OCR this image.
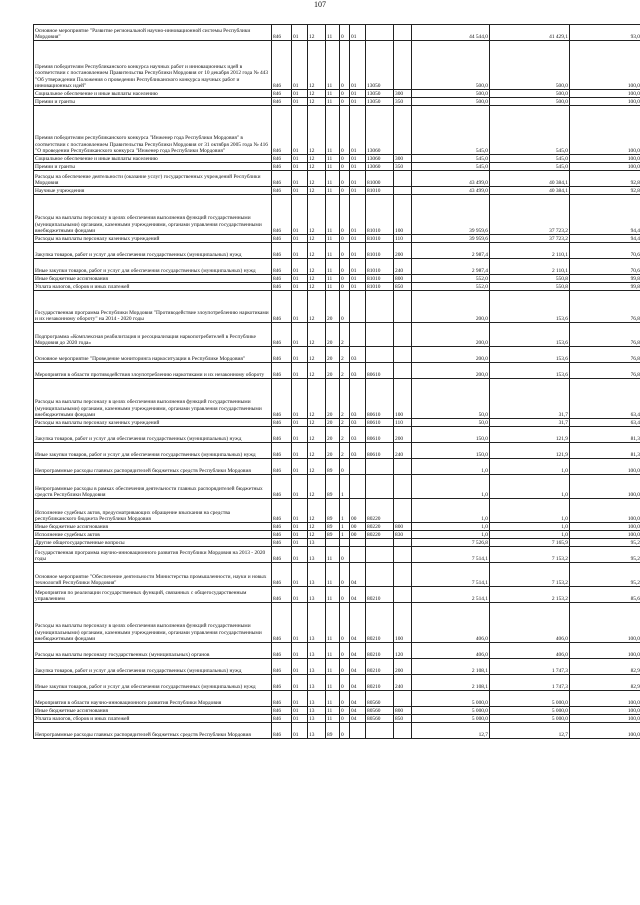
107
Основное мероприятие "Развитие региональной научно-инновационной системы Республики Мордовия"	846	01	12	11	0	01			44 544,0	41 429,1	93,0
Премия победителям Республиканского конкурса научных работ и инновационных идей в соответствии с постановлением Правительства Республики Мордовия от 10 декабря 2012 года № 443 "Об утверждении Положения о проведении Республиканского конкурса научных работ и инновационных идей"	846	01	12	11	0	01	13050		500,0	500,0	100,0
Социальное обеспечение и иные выплаты населению	846	01	12	11	0	01	13050	300	500,0	500,0	100,0
Премии и гранты	846	01	12	11	0	01	13050	350	500,0	500,0	100,0
Премия победителям республиканского конкурса "Инженер года Республики Мордовия" в соответствии с постановлением Правительства Республики Мордовия от 31 октября 2005 года № 416 "О проведении Республиканского конкурса "Инженер года Республики Мордовия"	846	01	12	11	0	01	13060		545,0	545,0	100,0
Социальное обеспечение и иные выплаты населению	846	01	12	11	0	01	13060	300	545,0	545,0	100,0
Премии и гранты	846	01	12	11	0	01	13060	350	545,0	545,0	100,0
Расходы на обеспечение деятельности (оказание услуг) государственных учреждений Республики Мордовия	846	01	12	11	0	01	81000		43 499,0	40 384,1	92,8
Научные учреждения	846	01	12	11	0	01	81010		43 499,0	40 384,1	92,8
Расходы на выплаты персоналу в целях обеспечения выполнения функций государственными (муниципальными) органами, казенными учреждениями, органами управления государственными внебюджетными фондами	846	01	12	11	0	01	81010	100	39 959,6	37 723,2	94,4
Расходы на выплаты персоналу казенных учреждений	846	01	12	11	0	01	81010	110	39 959,6	37 723,2	94,4
Закупка товаров, работ и услуг для обеспечения государственных (муниципальных) нужд	846	01	12	11	0	01	81010	200	2 987,4	2 110,1	70,6
Иные закупки товаров, работ и услуг для обеспечения государственных (муниципальных) нужд	846	01	12	11	0	01	81010	240	2 987,4	2 110,1	70,6
Иные бюджетные ассигнования	846	01	12	11	0	01	81010	800	552,0	550,8	99,8
Уплата налогов, сборов и иных платежей	846	01	12	11	0	01	81010	850	552,0	550,8	99,8
Государственная программа Республики Мордовия "Противодействие злоупотреблению наркотиками и их незаконному обороту" на 2014 - 2020 годы	846	01	12	20	0				200,0	153,6	76,8
Подпрограмма «Комплексная реабилитация и ресоциализация наркопотребителей в Республике Мордовия до 2020 года»	846	01	12	20	2				200,0	153,6	76,8
Основное мероприятие "Проведение мониторинга наркоситуации в Республике Мордовия"	846	01	12	20	2	03			200,0	153,6	76,8
Мероприятия в области противодействия злоупотреблению наркотиками и их незаконному обороту	846	01	12	20	2	03	80610		200,0	153,6	76,8
Расходы на выплаты персоналу в целях обеспечения выполнения функций государственными (муниципальными) органами, казенными учреждениями, органами управления государственными внебюджетными фондами	846	01	12	20	2	03	80610	100	50,0	31,7	63,4
Расходы на выплаты персоналу казенных учреждений	846	01	12	20	2	03	80610	110	50,0	31,7	63,4
Закупка товаров, работ и услуг для обеспечения государственных (муниципальных) нужд	846	01	12	20	2	03	80610	200	150,0	121,9	81,3
Иные закупки товаров, работ и услуг для обеспечения государственных (муниципальных) нужд	846	01	12	20	2	03	80610	240	150,0	121,9	81,3
Непрограммные расходы главных распорядителей бюджетных средств Республики Мордовия	846	01	12	89	0				1,0	1,0	100,0
Непрограммные расходы в рамках обеспечения деятельности главных распорядителей бюджетных средств Республики Мордовия	846	01	12	89	1				1,0	1,0	100,0
Исполнение судебных актов, предусматривающих обращение взыскания на средства республиканского бюджета Республики Мордовия	846	01	12	89	1	00	80220		1,0	1,0	100,0
Иные бюджетные ассигнования	846	01	12	89	1	00	80220	800	1,0	1,0	100,0
Исполнение судебных актов	846	01	12	89	1	00	80220	830	1,0	1,0	100,0
Другие общегосударственные вопросы	846	01	13						7 526,8	7 165,9	95,2
Государственная программа научно-инновационного развития Республики Мордовия на 2013 - 2020 годы	846	01	13	11	0				7 514,1	7 153,2	95,2
Основное мероприятие "Обеспечение деятельности Министерства промышленности, науки и новых технологий Республики Мордовия"	846	01	13	11	0	04			7 514,1	7 153,2	95,2
Мероприятия по реализации государственных функций, связанных с общегосударственным управлением	846	01	13	11	0	04	80210		2 514,1	2 153,2	85,6
Расходы на выплаты персоналу в целях обеспечения выполнения функций государственными (муниципальными) органами, казенными учреждениями, органами управления государственными внебюджетными фондами	846	01	13	11	0	04	80210	100	406,0	406,0	100,0
Расходы на выплаты персоналу государственных (муниципальных) органов	846	01	13	11	0	04	80210	120	406,0	406,0	100,0
Закупка товаров, работ и услуг для обеспечения государственных (муниципальных) нужд	846	01	13	11	0	04	80210	200	2 108,1	1 747,3	82,9
Иные закупки товаров, работ и услуг для обеспечения государственных (муниципальных) нужд	846	01	13	11	0	04	80210	240	2 108,1	1 747,3	82,9
Мероприятия в области научно-инновационного развития Республики Мордовия	846	01	13	11	0	04	80560		5 000,0	5 000,0	100,0
Иные бюджетные ассигнования	846	01	13	11	0	04	80560	800	5 000,0	5 000,0	100,0
Уплата налогов, сборов и иных платежей	846	01	13	11	0	04	80560	850	5 000,0	5 000,0	100,0
Непрограммные расходы главных распорядителей бюджетных средств Республики Мордовия	846	01	13	89	0				12,7	12,7	100,0
